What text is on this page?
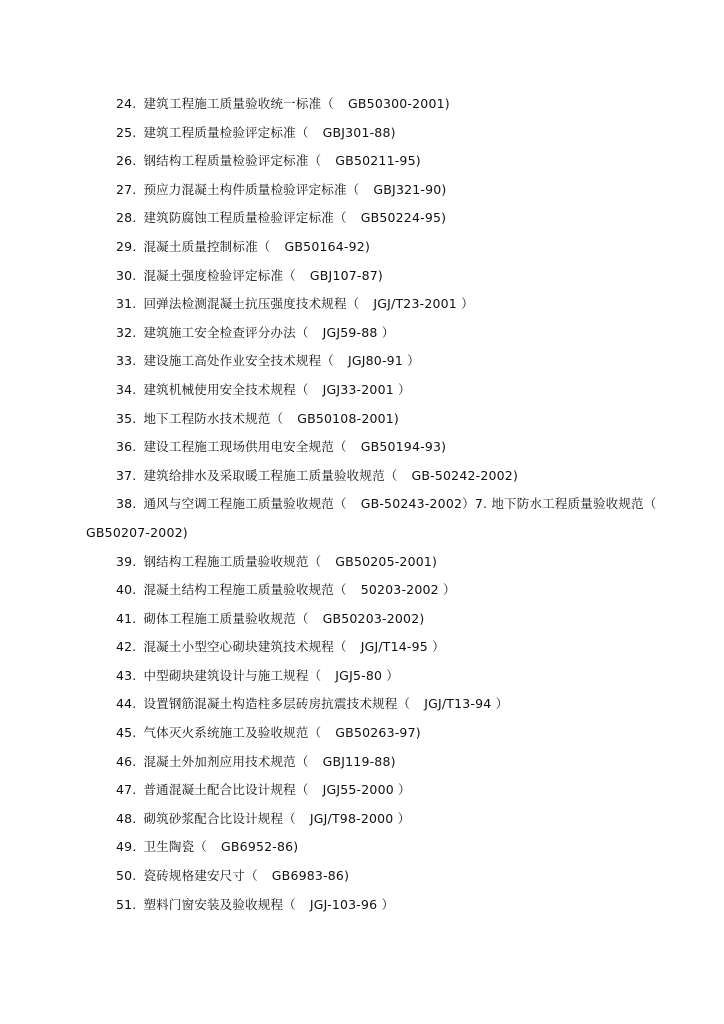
24. 建筑工程施工质量验收统一标准（ GB50300-2001)
25. 建筑工程质量检验评定标准（ GBJ301-88)
26. 钢结构工程质量检验评定标准（ GB50211-95)
27. 预应力混凝土构件质量检验评定标准（ GBJ321-90)
28. 建筑防腐蚀工程质量检验评定标准（ GB50224-95)
29. 混凝土质量控制标准（ GB50164-92)
30. 混凝土强度检验评定标准（ GBJ107-87)
31. 回弹法检测混凝土抗压强度技术规程（ JGJ/T23-2001 ）
32. 建筑施工安全检查评分办法（ JGJ59-88 ）
33. 建设施工高处作业安全技术规程（ JGJ80-91 ）
34. 建筑机械使用安全技术规程（ JGJ33-2001 ）
35. 地下工程防水技术规范（ GB50108-2001)
36. 建设工程施工现场供用电安全规范（ GB50194-93)
37. 建筑给排水及采取暖工程施工质量验收规范（ GB-50242-2002)
38. 通风与空调工程施工质量验收规范（ GB-50243-2002）7. 地下防水工程质量验收规范（ GB50207-2002)
39. 钢结构工程施工质量验收规范（ GB50205-2001)
40. 混凝土结构工程施工质量验收规范（ 50203-2002 ）
41. 砌体工程施工质量验收规范（ GB50203-2002)
42. 混凝土小型空心砌块建筑技术规程（ JGJ/T14-95 ）
43. 中型砌块建筑设计与施工规程（ JGJ5-80 ）
44. 设置钢筋混凝土构造柱多层砖房抗震技术规程（ JGJ/T13-94 ）
45. 气体灭火系统施工及验收规范（ GB50263-97)
46. 混凝土外加剂应用技术规范（ GBJ119-88)
47. 普通混凝土配合比设计规程（ JGJ55-2000 ）
48. 砌筑砂浆配合比设计规程（ JGJ/T98-2000 ）
49. 卫生陶瓷（ GB6952-86)
50. 瓷砖规格建安尺寸（ GB6983-86)
51. 塑料门窗安装及验收规程（ JGJ-103-96 ）
